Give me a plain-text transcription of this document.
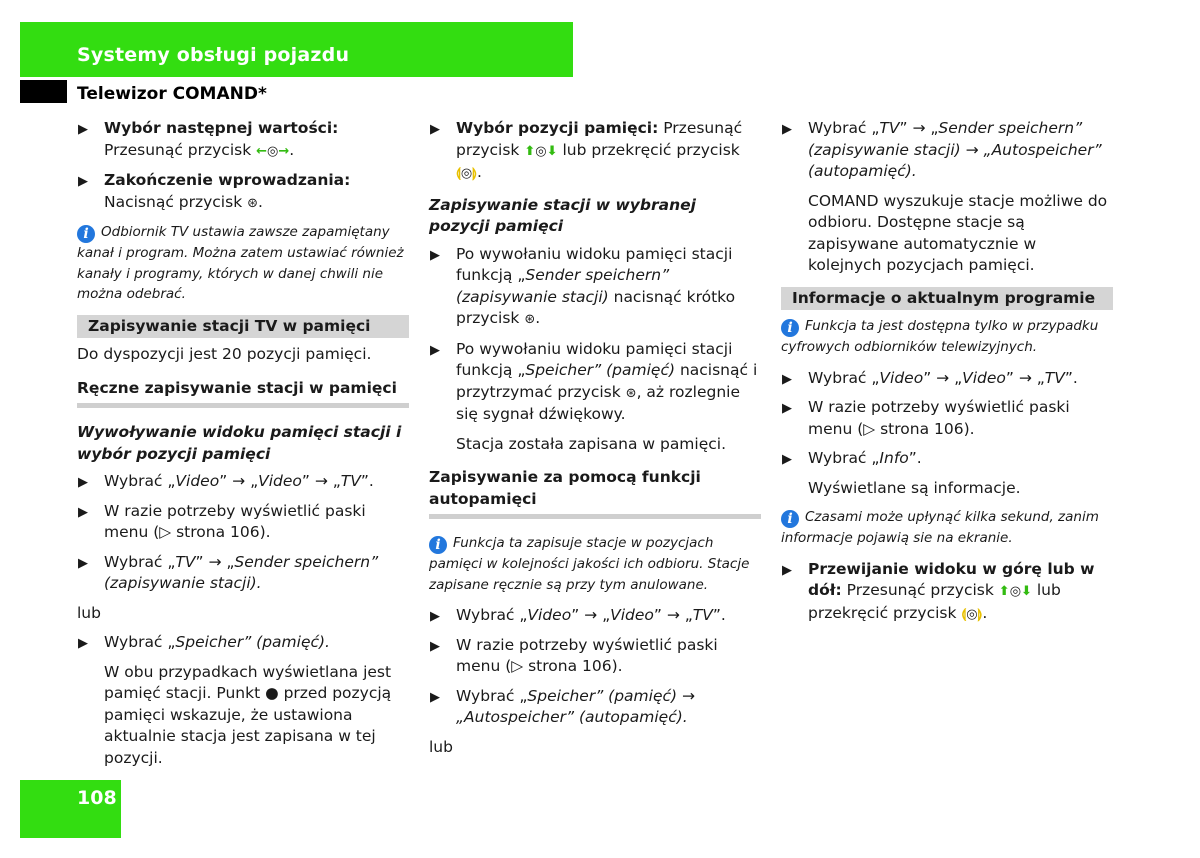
Systemy obsługi pojazdu
Telewizor COMAND*
▶ Wybór następnej wartości:
Przesunąć przycisk ←◎→.
▶ Zakończenie wprowadzania:
Nacisnąć przycisk ⊛.
i Odbiornik TV ustawia zawsze zapamiętany kanał i program. Można zatem ustawiać również kanały i programy, których w danej chwili nie można odebrać.
Zapisywanie stacji TV w pamięci
Do dyspozycji jest 20 pozycji pamięci.
Ręczne zapisywanie stacji w pamięci
Wywoływanie widoku pamięci stacji i wybór pozycji pamięci
▶ Wybrać „Video” → „Video” → „TV”.
▶ W razie potrzeby wyświetlić paski menu (▷ strona 106).
▶ Wybrać „TV” → „Sender speichern” (zapisywanie stacji).
lub
▶ Wybrać „Speicher” (pamięć).
W obu przypadkach wyświetlana jest pamięć stacji. Punkt ● przed pozycją pamięci wskazuje, że ustawiona aktualnie stacja jest zapisana w tej pozycji.
▶ Wybór pozycji pamięci: Przesunąć przycisk ⬆◎⬇ lub przekręcić przycisk ⟬◎⟭.
Zapisywanie stacji w wybranej pozycji pamięci
▶ Po wywołaniu widoku pamięci stacji funkcją „Sender speichern” (zapisywanie stacji) nacisnąć krótko przycisk ⊛.
▶ Po wywołaniu widoku pamięci stacji funkcją „Speicher” (pamięć) nacisnąć i przytrzymać przycisk ⊛, aż rozlegnie się sygnał dźwiękowy.
Stacja została zapisana w pamięci.
Zapisywanie za pomocą funkcji autopamięci
i Funkcja ta zapisuje stacje w pozycjach pamięci w kolejności jakości ich odbioru. Stacje zapisane ręcznie są przy tym anulowane.
▶ Wybrać „Video” → „Video” → „TV”.
▶ W razie potrzeby wyświetlić paski menu (▷ strona 106).
▶ Wybrać „Speicher” (pamięć) → „Autospeicher” (autopamięć).
lub
▶ Wybrać „TV” → „Sender speichern” (zapisywanie stacji) → „Autospeicher” (autopamięć).
COMAND wyszukuje stacje możliwe do odbioru. Dostępne stacje są zapisywane automatycznie w kolejnych pozycjach pamięci.
Informacje o aktualnym programie
i Funkcja ta jest dostępna tylko w przypadku cyfrowych odbiorników telewizyjnych.
▶ Wybrać „Video” → „Video” → „TV”.
▶ W razie potrzeby wyświetlić paski menu (▷ strona 106).
▶ Wybrać „Info”.
Wyświetlane są informacje.
i Czasami może upłynąć kilka sekund, zanim informacje pojawią sie na ekranie.
▶ Przewijanie widoku w górę lub w dół: Przesunąć przycisk ⬆◎⬇ lub przekręcić przycisk ⟬◎⟭.
108
